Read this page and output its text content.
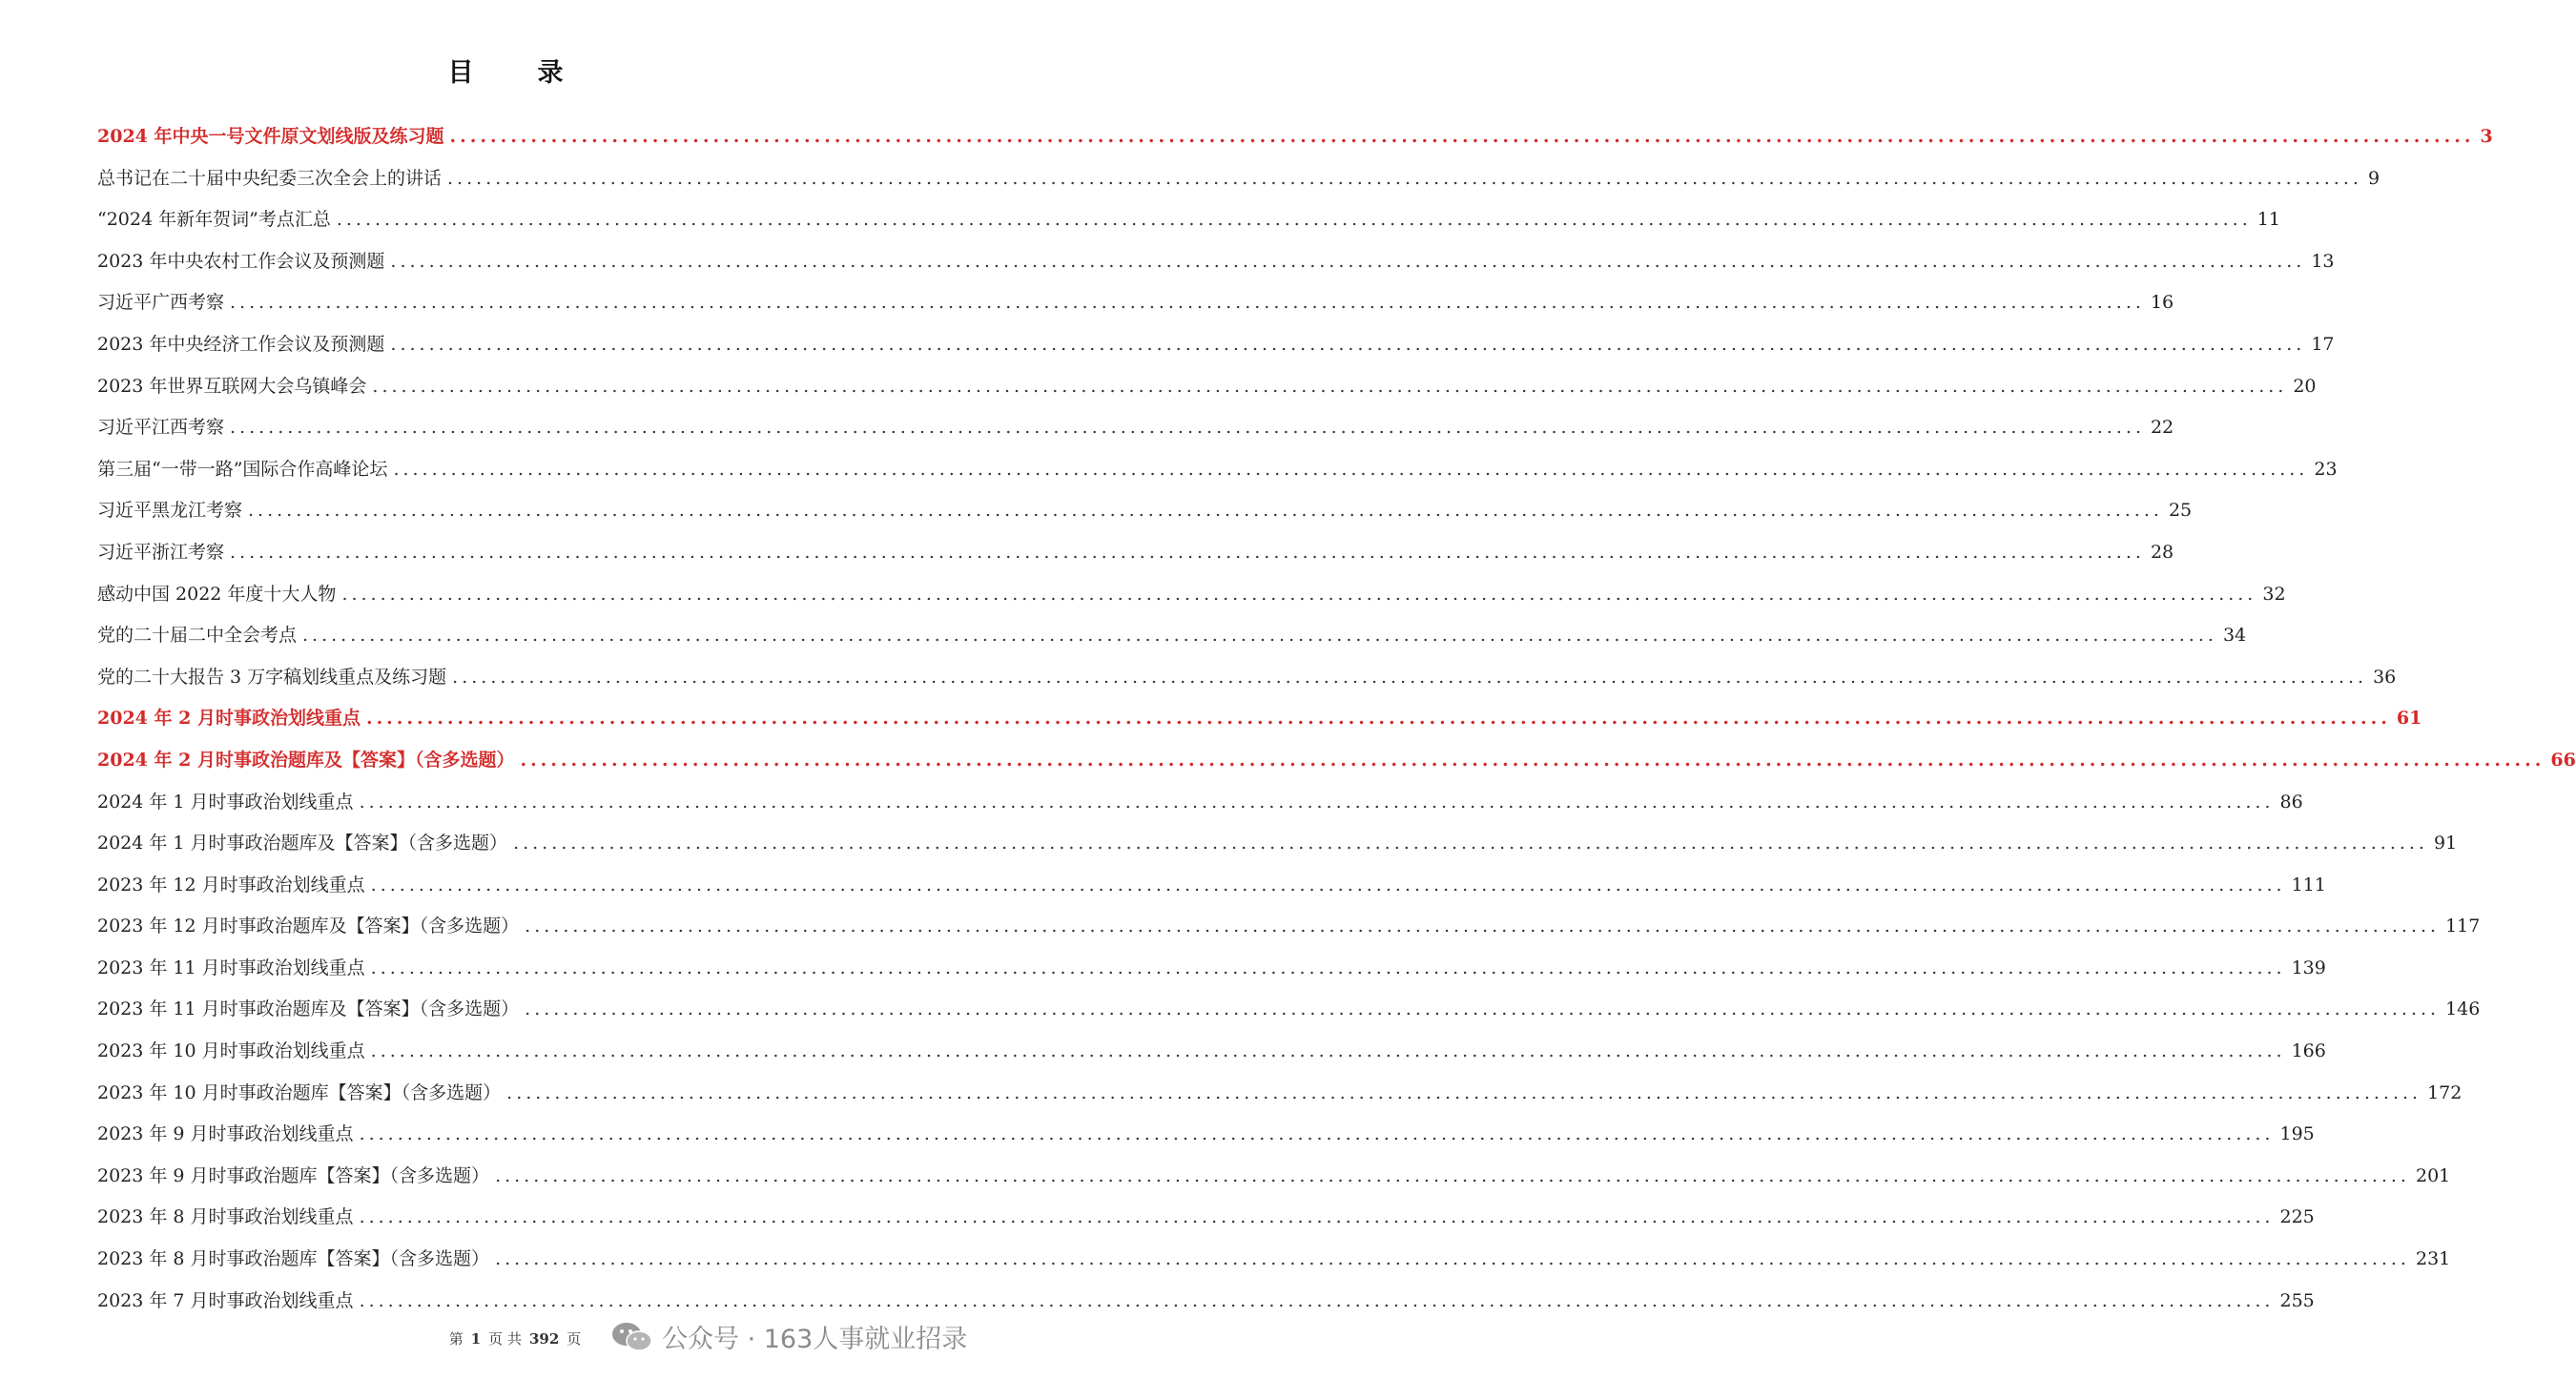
目　录
2024 年中央一号文件原文划线版及练习题 ........................................................................................................................................................................................................ 3
总书记在二十届中央纪委三次全会上的讲话 ........................................................................................................................................................................................................ 9
“2024 年新年贺词”考点汇总 ........................................................................................................................................................................................................ 11
2023 年中央农村工作会议及预测题 ........................................................................................................................................................................................................ 13
习近平广西考察 ........................................................................................................................................................................................................ 16
2023 年中央经济工作会议及预测题 ........................................................................................................................................................................................................ 17
2023 年世界互联网大会乌镇峰会 ........................................................................................................................................................................................................ 20
习近平江西考察 ........................................................................................................................................................................................................ 22
第三届“一带一路”国际合作高峰论坛 ........................................................................................................................................................................................................ 23
习近平黑龙江考察 ........................................................................................................................................................................................................ 25
习近平浙江考察 ........................................................................................................................................................................................................ 28
感动中国 2022 年度十大人物 ........................................................................................................................................................................................................ 32
党的二十届二中全会考点 ........................................................................................................................................................................................................ 34
党的二十大报告 3 万字稿划线重点及练习题 ........................................................................................................................................................................................................ 36
2024 年 2 月时事政治划线重点 ........................................................................................................................................................................................................ 61
2024 年 2 月时事政治题库及【答案】（含多选题） ........................................................................................................................................................................................................ 66
2024 年 1 月时事政治划线重点 ........................................................................................................................................................................................................ 86
2024 年 1 月时事政治题库及【答案】（含多选题） ........................................................................................................................................................................................................ 91
2023 年 12 月时事政治划线重点 ........................................................................................................................................................................................................ 111
2023 年 12 月时事政治题库及【答案】（含多选题） ........................................................................................................................................................................................................ 117
2023 年 11 月时事政治划线重点 ........................................................................................................................................................................................................ 139
2023 年 11 月时事政治题库及【答案】（含多选题） ........................................................................................................................................................................................................ 146
2023 年 10 月时事政治划线重点 ........................................................................................................................................................................................................ 166
2023 年 10 月时事政治题库【答案】（含多选题） ........................................................................................................................................................................................................ 172
2023 年 9 月时事政治划线重点 ........................................................................................................................................................................................................ 195
2023 年 9 月时事政治题库【答案】（含多选题） ........................................................................................................................................................................................................ 201
2023 年 8 月时事政治划线重点 ........................................................................................................................................................................................................ 225
2023 年 8 月时事政治题库【答案】（含多选题） ........................................................................................................................................................................................................ 231
2023 年 7 月时事政治划线重点 ........................................................................................................................................................................................................ 255
第 1 页 共 392 页	公众号 · 163人事就业招录
